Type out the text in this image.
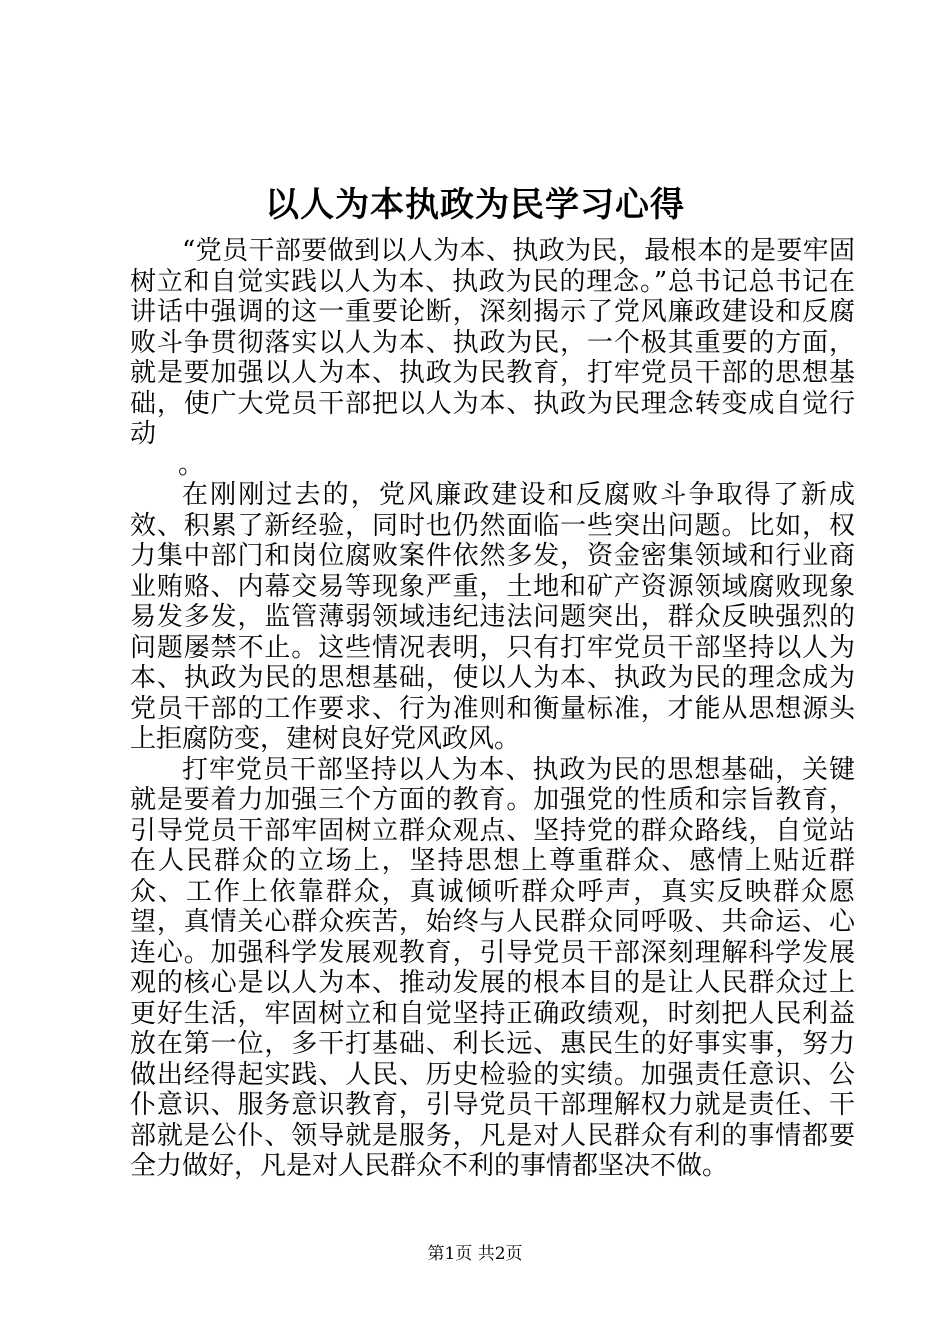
以人为本执政为民学习心得

“党员干部要做到以人为本、执政为民，最根本的是要牢固树立和自觉实践以人为本、执政为民的理念。”总书记总书记在讲话中强调的这一重要论断，深刻揭示了党风廉政建设和反腐败斗争贯彻落实以人为本、执政为民，一个极其重要的方面，就是要加强以人为本、执政为民教育，打牢党员干部的思想基础，使广大党员干部把以人为本、执政为民理念转变成自觉行动

。

在刚刚过去的，党风廉政建设和反腐败斗争取得了新成效、积累了新经验，同时也仍然面临一些突出问题。比如，权力集中部门和岗位腐败案件依然多发，资金密集领域和行业商业贿赂、内幕交易等现象严重，土地和矿产资源领域腐败现象易发多发，监管薄弱领域违纪违法问题突出，群众反映强烈的问题屡禁不止。这些情况表明，只有打牢党员干部坚持以人为本、执政为民的思想基础，使以人为本、执政为民的理念成为党员干部的工作要求、行为准则和衡量标准，才能从思想源头上拒腐防变，建树良好党风政风。

打牢党员干部坚持以人为本、执政为民的思想基础，关键就是要着力加强三个方面的教育。加强党的性质和宗旨教育，引导党员干部牢固树立群众观点、坚持党的群众路线，自觉站在人民群众的立场上，坚持思想上尊重群众、感情上贴近群众、工作上依靠群众，真诚倾听群众呼声，真实反映群众愿望，真情关心群众疾苦，始终与人民群众同呼吸、共命运、心连心。加强科学发展观教育，引导党员干部深刻理解科学发展观的核心是以人为本、推动发展的根本目的是让人民群众过上更好生活，牢固树立和自觉坚持正确政绩观，时刻把人民利益放在第一位，多干打基础、利长远、惠民生的好事实事，努力做出经得起实践、人民、历史检验的实绩。加强责任意识、公仆意识、服务意识教育，引导党员干部理解权力就是责任、干部就是公仆、领导就是服务，凡是对人民群众有利的事情都要全力做好，凡是对人民群众不利的事情都坚决不做。

第1页 共2页
